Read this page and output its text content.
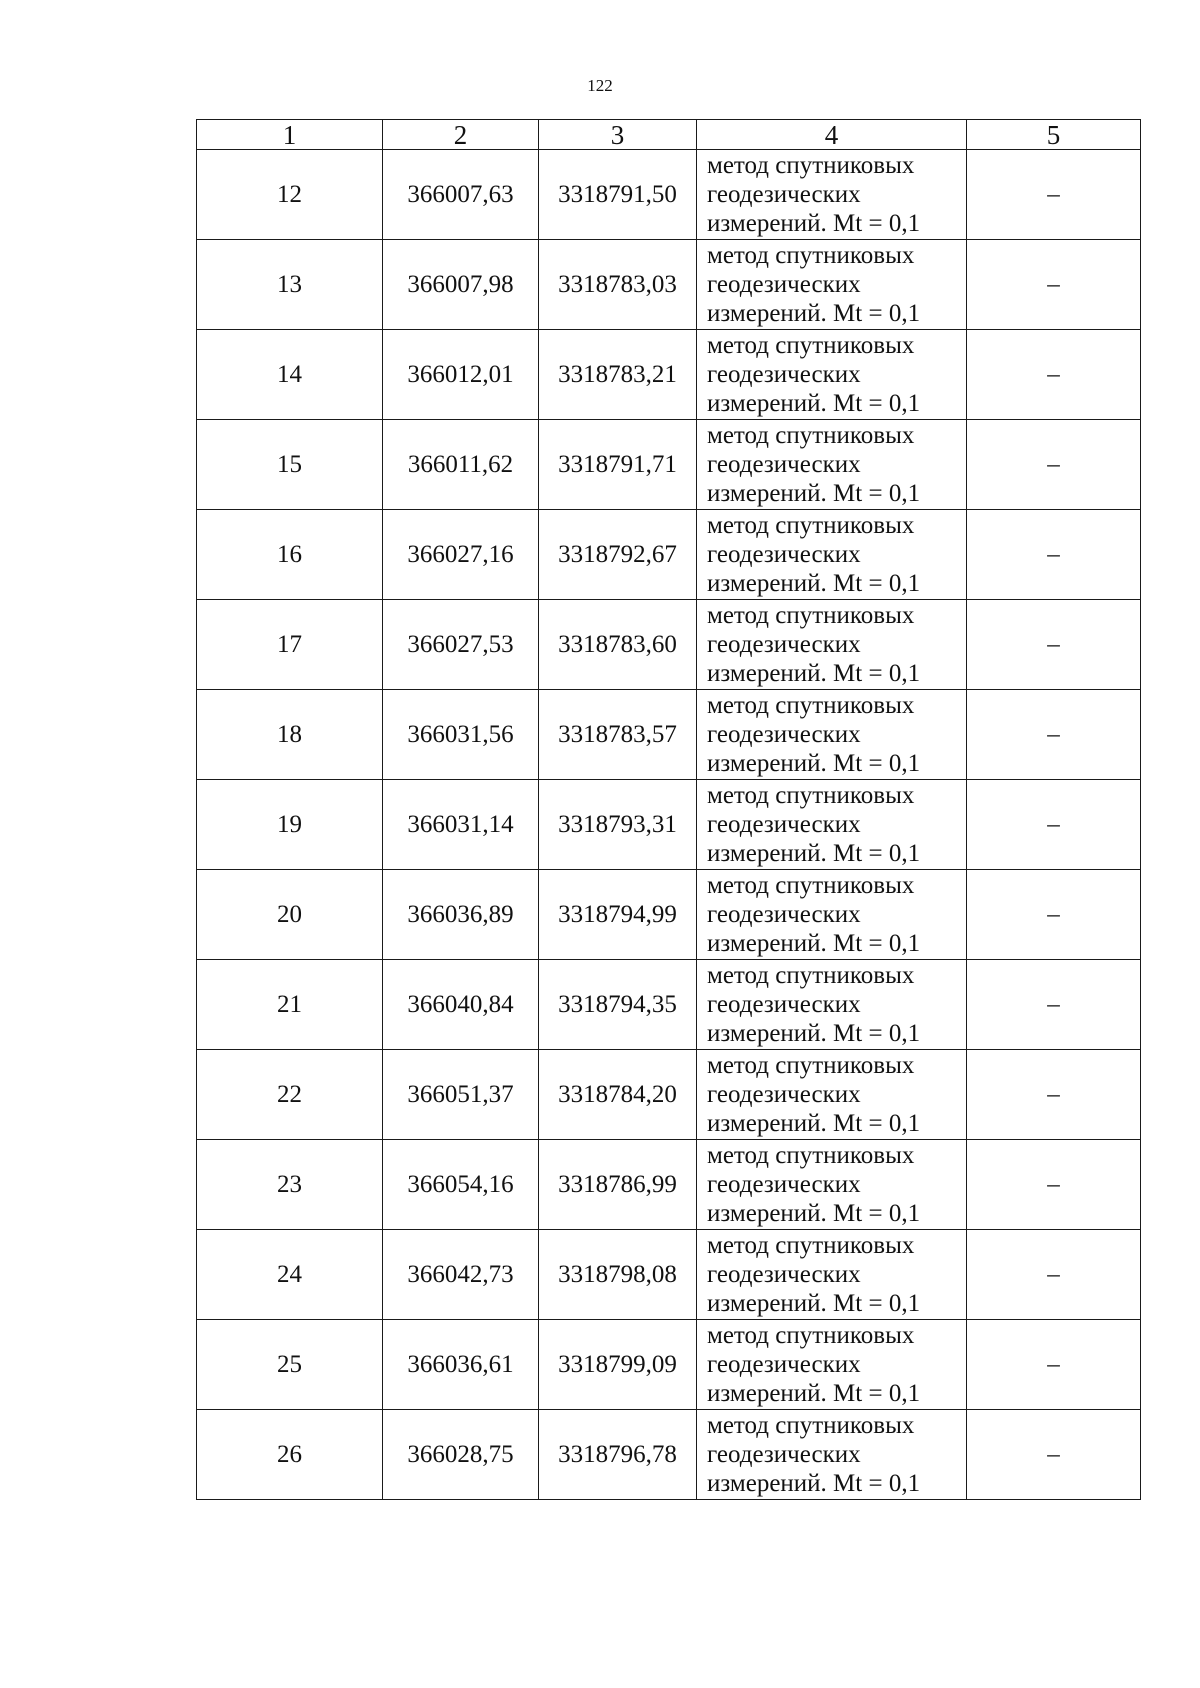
122
1	2	3	4	5
12	366007,63	3318791,50	метод спутниковых
геодезических
измерений. Mt = 0,1	–
13	366007,98	3318783,03	метод спутниковых
геодезических
измерений. Mt = 0,1	–
14	366012,01	3318783,21	метод спутниковых
геодезических
измерений. Mt = 0,1	–
15	366011,62	3318791,71	метод спутниковых
геодезических
измерений. Mt = 0,1	–
16	366027,16	3318792,67	метод спутниковых
геодезических
измерений. Mt = 0,1	–
17	366027,53	3318783,60	метод спутниковых
геодезических
измерений. Mt = 0,1	–
18	366031,56	3318783,57	метод спутниковых
геодезических
измерений. Mt = 0,1	–
19	366031,14	3318793,31	метод спутниковых
геодезических
измерений. Mt = 0,1	–
20	366036,89	3318794,99	метод спутниковых
геодезических
измерений. Mt = 0,1	–
21	366040,84	3318794,35	метод спутниковых
геодезических
измерений. Mt = 0,1	–
22	366051,37	3318784,20	метод спутниковых
геодезических
измерений. Mt = 0,1	–
23	366054,16	3318786,99	метод спутниковых
геодезических
измерений. Mt = 0,1	–
24	366042,73	3318798,08	метод спутниковых
геодезических
измерений. Mt = 0,1	–
25	366036,61	3318799,09	метод спутниковых
геодезических
измерений. Mt = 0,1	–
26	366028,75	3318796,78	метод спутниковых
геодезических
измерений. Mt = 0,1	–
